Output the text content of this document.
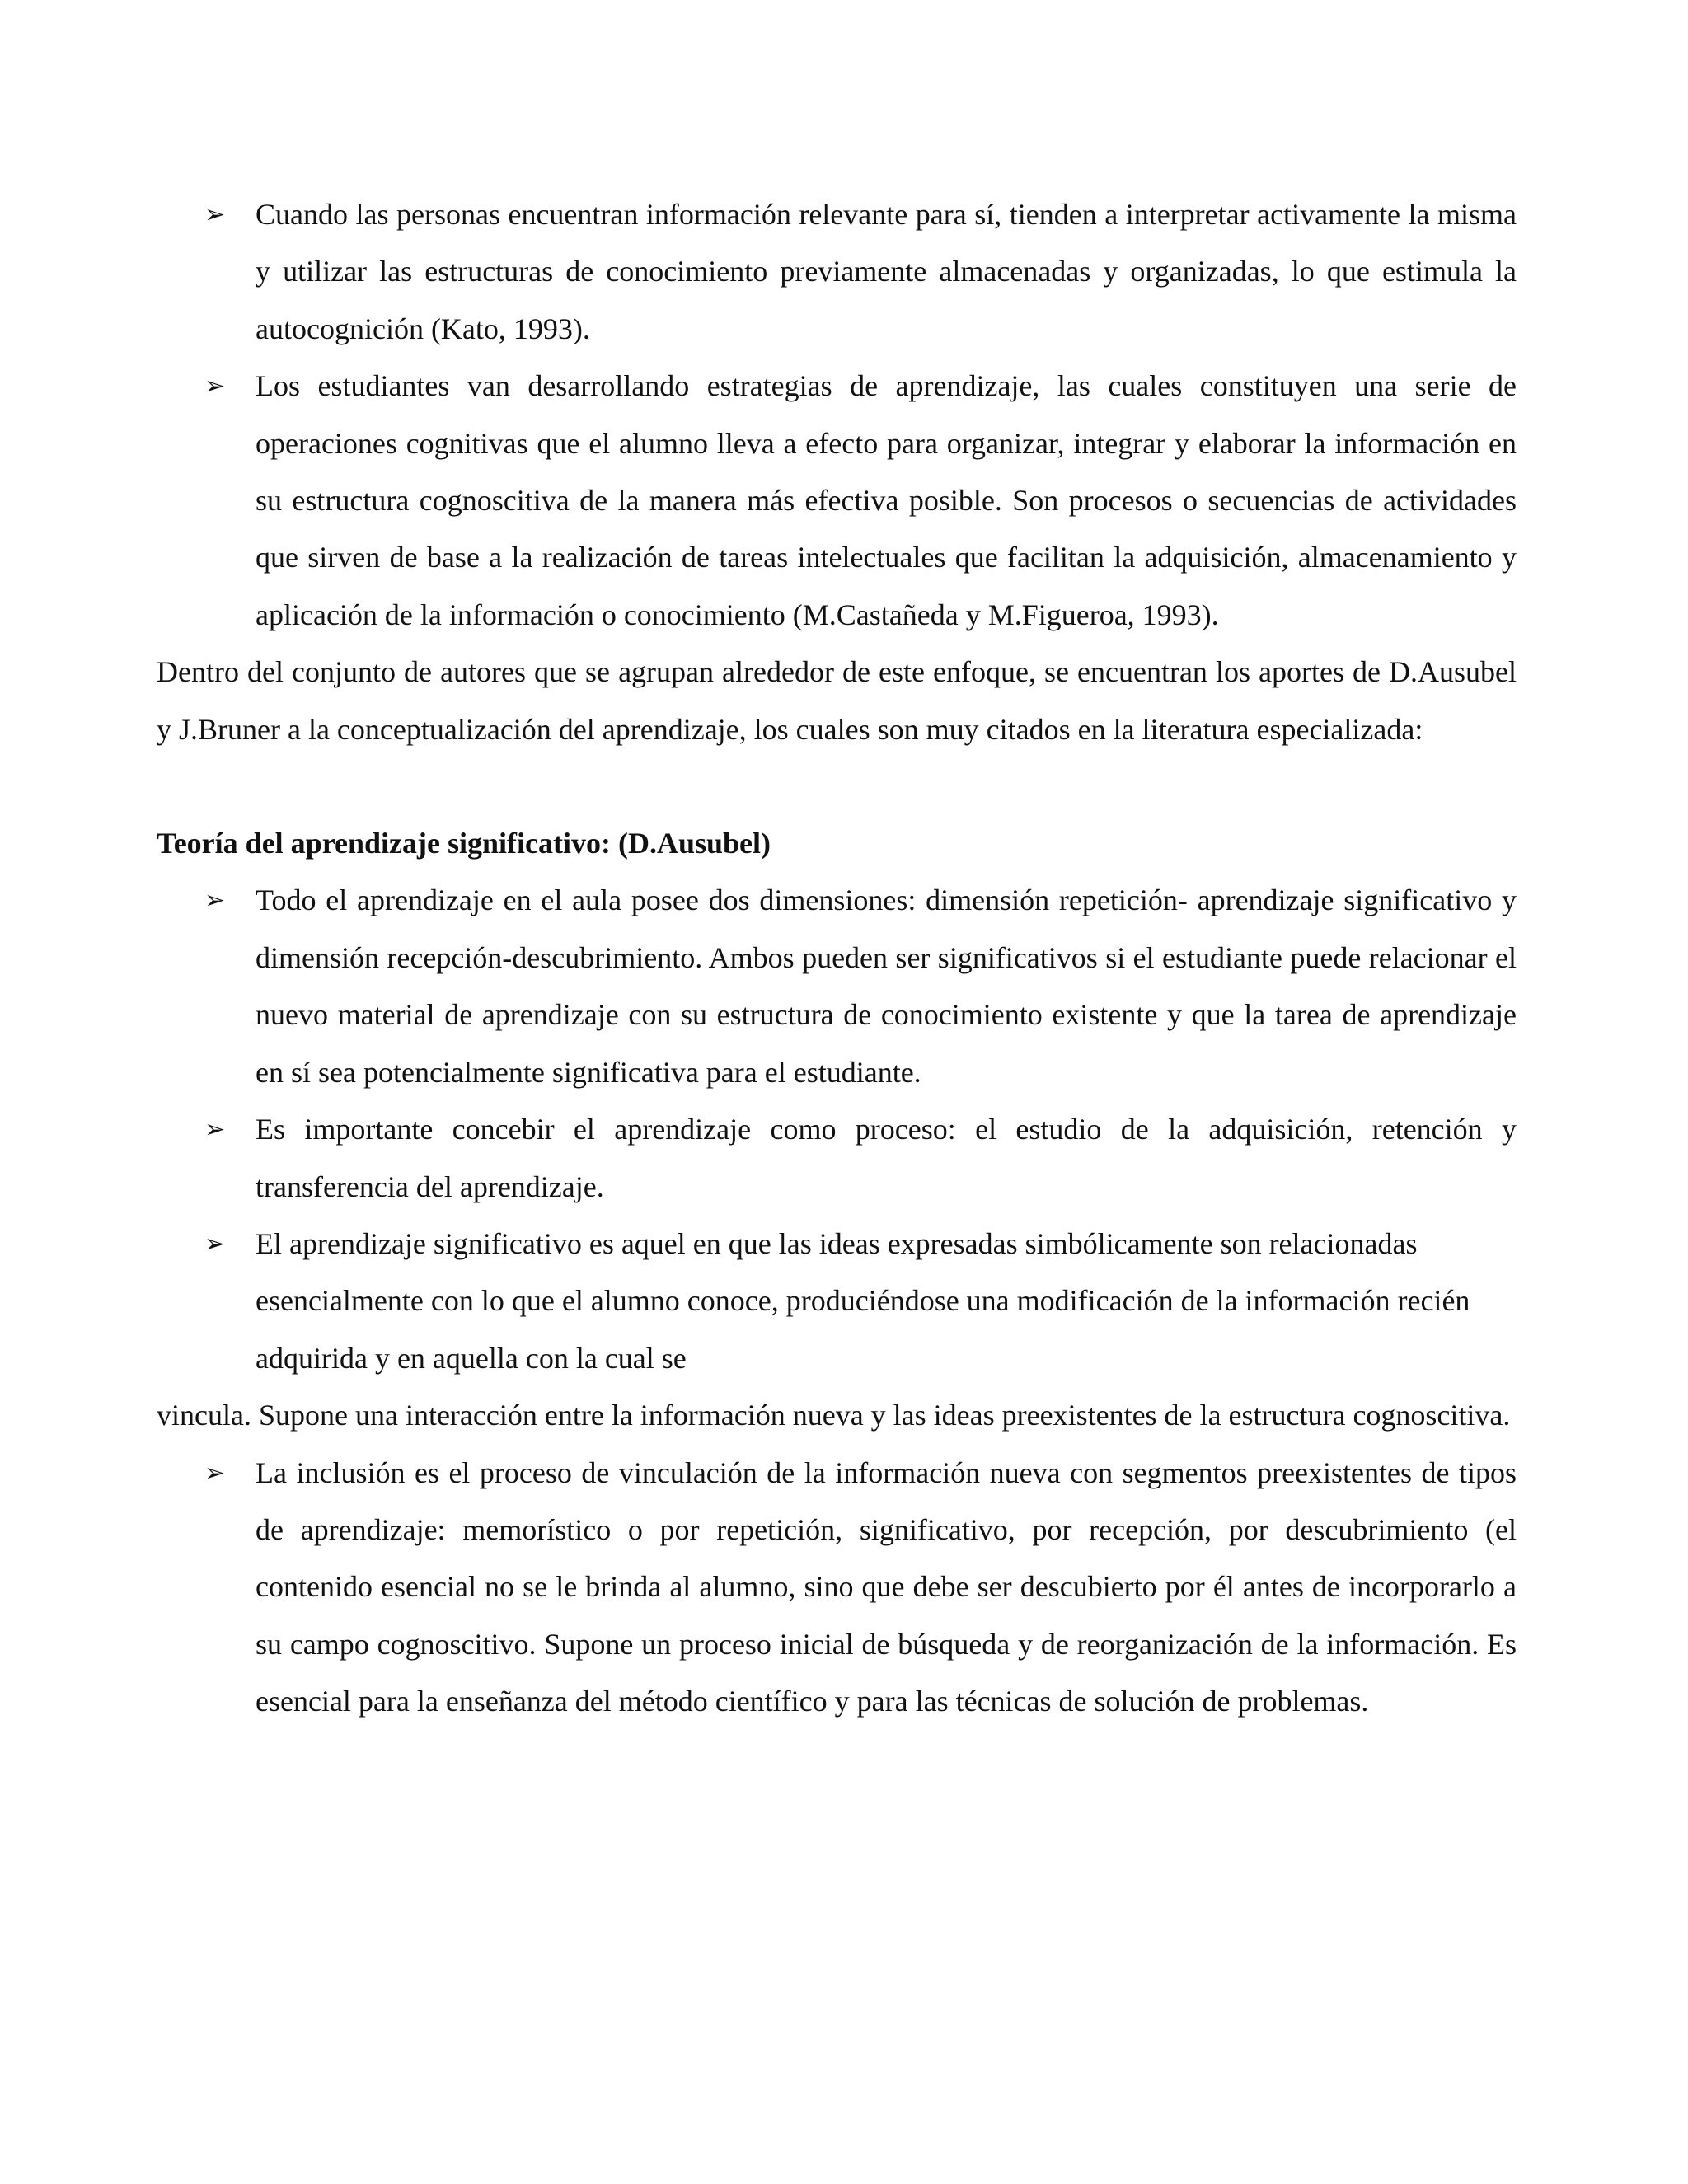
➢	Cuando las personas encuentran información relevante para sí, tienden a interpretar activamente la misma y utilizar las estructuras de conocimiento previamente almacenadas y organizadas, lo que estimula la autocognición (Kato, 1993).

➢	Los estudiantes van desarrollando estrategias de aprendizaje, las cuales constituyen una serie de operaciones cognitivas que el alumno lleva a efecto para organizar, integrar y elaborar la información en su estructura cognoscitiva de la manera más efectiva posible. Son procesos o secuencias de actividades que sirven de base a la realización de tareas intelectuales que facilitan la adquisición, almacenamiento y aplicación de la información o conocimiento (M.Castañeda y M.Figueroa, 1993).

Dentro del conjunto de autores que se agrupan alrededor de este enfoque, se encuentran los aportes de D.Ausubel y J.Bruner a la conceptualización del aprendizaje, los cuales son muy citados en la literatura especializada:

Teoría del aprendizaje significativo: (D.Ausubel)

➢	Todo el aprendizaje en el aula posee dos dimensiones: dimensión repetición- aprendizaje significativo y dimensión recepción-descubrimiento. Ambos pueden ser significativos si el estudiante puede relacionar el nuevo material de aprendizaje con su estructura de conocimiento existente y que la tarea de aprendizaje en sí sea potencialmente significativa para el estudiante.

➢	Es importante concebir el aprendizaje como proceso: el estudio de la adquisición, retención y transferencia del aprendizaje.

➢	El aprendizaje significativo es aquel en que las ideas expresadas simbólicamente son relacionadas esencialmente con lo que el alumno conoce, produciéndose una modificación de la información recién adquirida y en aquella con la cual se

vincula. Supone una interacción entre la información nueva y las ideas preexistentes de la estructura cognoscitiva.

➢	La inclusión es el proceso de vinculación de la información nueva con segmentos preexistentes de tipos de aprendizaje: memorístico o por repetición, significativo, por recepción, por descubrimiento (el contenido esencial no se le brinda al alumno, sino que debe ser descubierto por él antes de incorporarlo a su campo cognoscitivo. Supone un proceso inicial de búsqueda y de reorganización de la información. Es esencial para la enseñanza del método científico y para las técnicas de solución de problemas.
